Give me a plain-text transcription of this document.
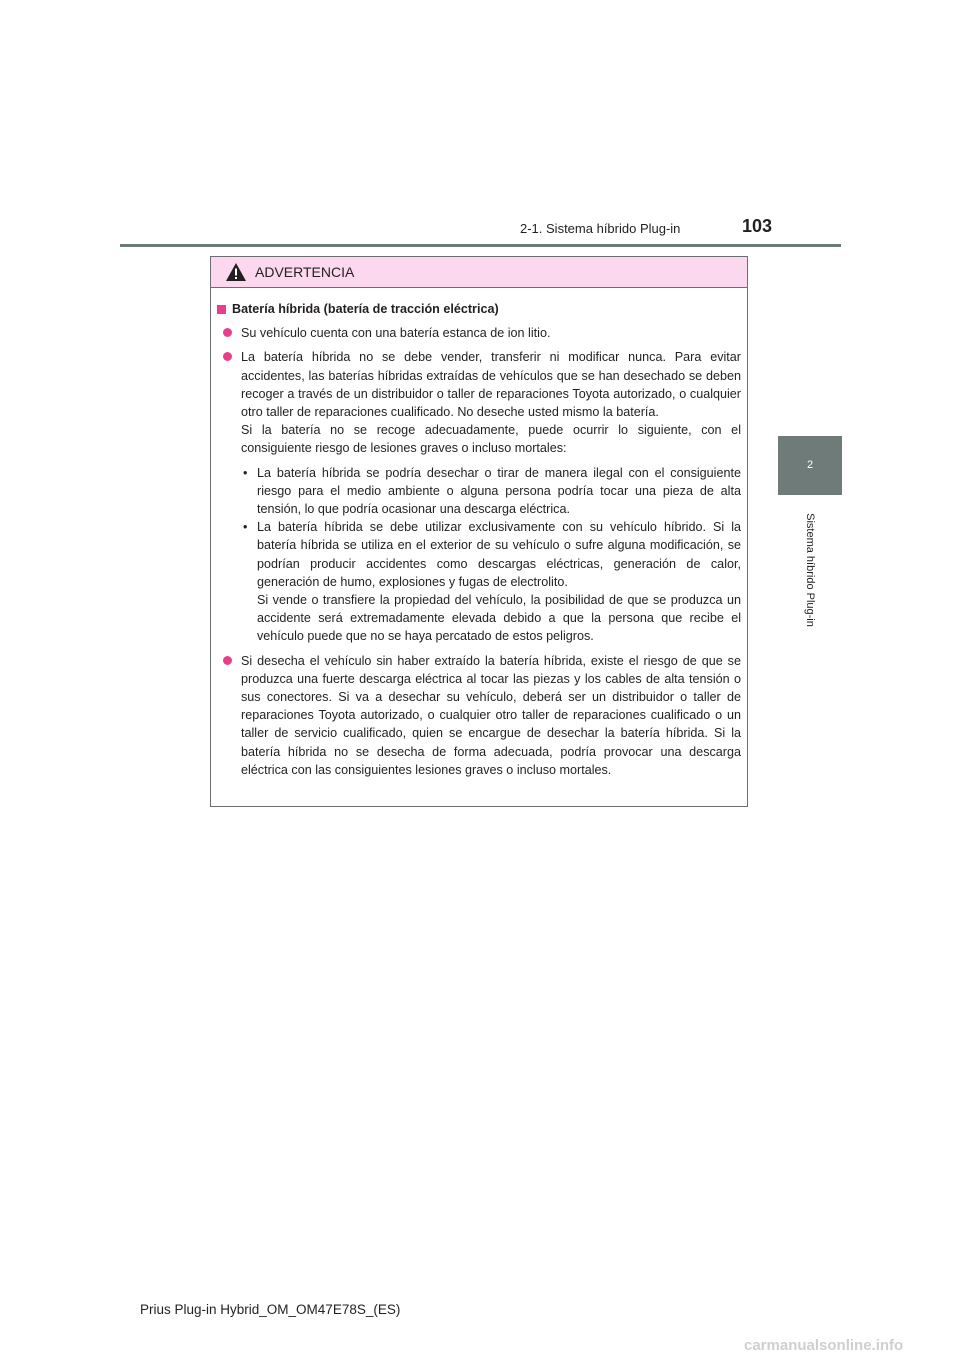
2-1. Sistema híbrido Plug-in	103
2
Sistema híbrido Plug-in
ADVERTENCIA
Batería híbrida (batería de tracción eléctrica)
Su vehículo cuenta con una batería estanca de ion litio.
La batería híbrida no se debe vender, transferir ni modificar nunca. Para evitar accidentes, las baterías híbridas extraídas de vehículos que se han desechado se deben recoger a través de un distribuidor o taller de reparaciones Toyota autorizado, o cualquier otro taller de reparaciones cualificado. No deseche usted mismo la batería.
Si la batería no se recoge adecuadamente, puede ocurrir lo siguiente, con el consiguiente riesgo de lesiones graves o incluso mortales:
• La batería híbrida se podría desechar o tirar de manera ilegal con el consiguiente riesgo para el medio ambiente o alguna persona podría tocar una pieza de alta tensión, lo que podría ocasionar una descarga eléctrica.
• La batería híbrida se debe utilizar exclusivamente con su vehículo híbrido. Si la batería híbrida se utiliza en el exterior de su vehículo o sufre alguna modificación, se podrían producir accidentes como descargas eléctricas, generación de calor, generación de humo, explosiones y fugas de electrolito.
Si vende o transfiere la propiedad del vehículo, la posibilidad de que se produzca un accidente será extremadamente elevada debido a que la persona que recibe el vehículo puede que no se haya percatado de estos peligros.
Si desecha el vehículo sin haber extraído la batería híbrida, existe el riesgo de que se produzca una fuerte descarga eléctrica al tocar las piezas y los cables de alta tensión o sus conectores. Si va a desechar su vehículo, deberá ser un distribuidor o taller de reparaciones Toyota autorizado, o cualquier otro taller de reparaciones cualificado o un taller de servicio cualificado, quien se encargue de desechar la batería híbrida. Si la batería híbrida no se desecha de forma adecuada, podría provocar una descarga eléctrica con las consiguientes lesiones graves o incluso mortales.
Prius Plug-in Hybrid_OM_OM47E78S_(ES)
carmanualsonline.info
